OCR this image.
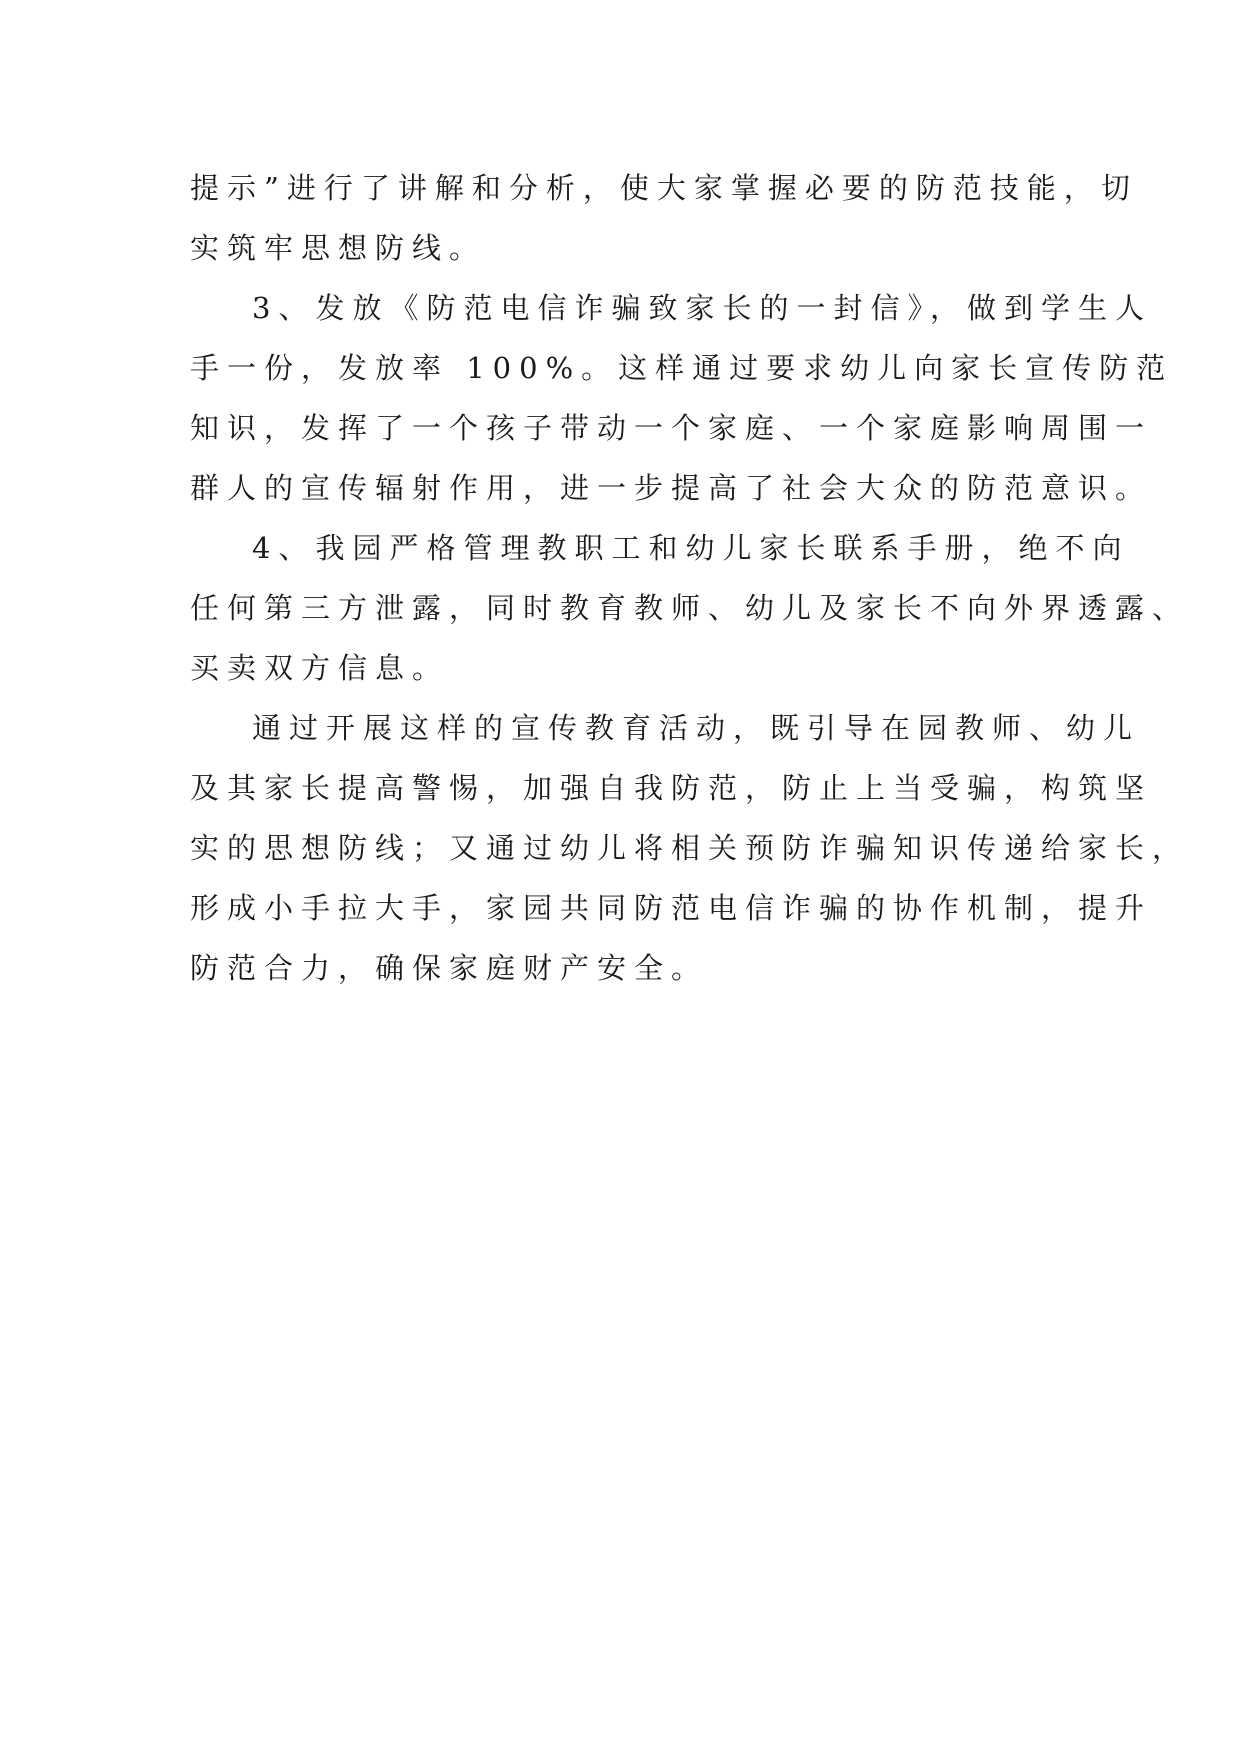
提示”进行了讲解和分析，使大家掌握必要的防范技能，切
实筑牢思想防线。
3、发放《防范电信诈骗致家长的一封信》，做到学生人
手一份，发放率 100%。这样通过要求幼儿向家长宣传防范
知识，发挥了一个孩子带动一个家庭、一个家庭影响周围一
群人的宣传辐射作用，进一步提高了社会大众的防范意识。
4、我园严格管理教职工和幼儿家长联系手册，绝不向
任何第三方泄露，同时教育教师、幼儿及家长不向外界透露、
买卖双方信息。
通过开展这样的宣传教育活动，既引导在园教师、幼儿
及其家长提高警惕，加强自我防范，防止上当受骗，构筑坚
实的思想防线；又通过幼儿将相关预防诈骗知识传递给家长，
形成小手拉大手，家园共同防范电信诈骗的协作机制，提升
防范合力，确保家庭财产安全。
